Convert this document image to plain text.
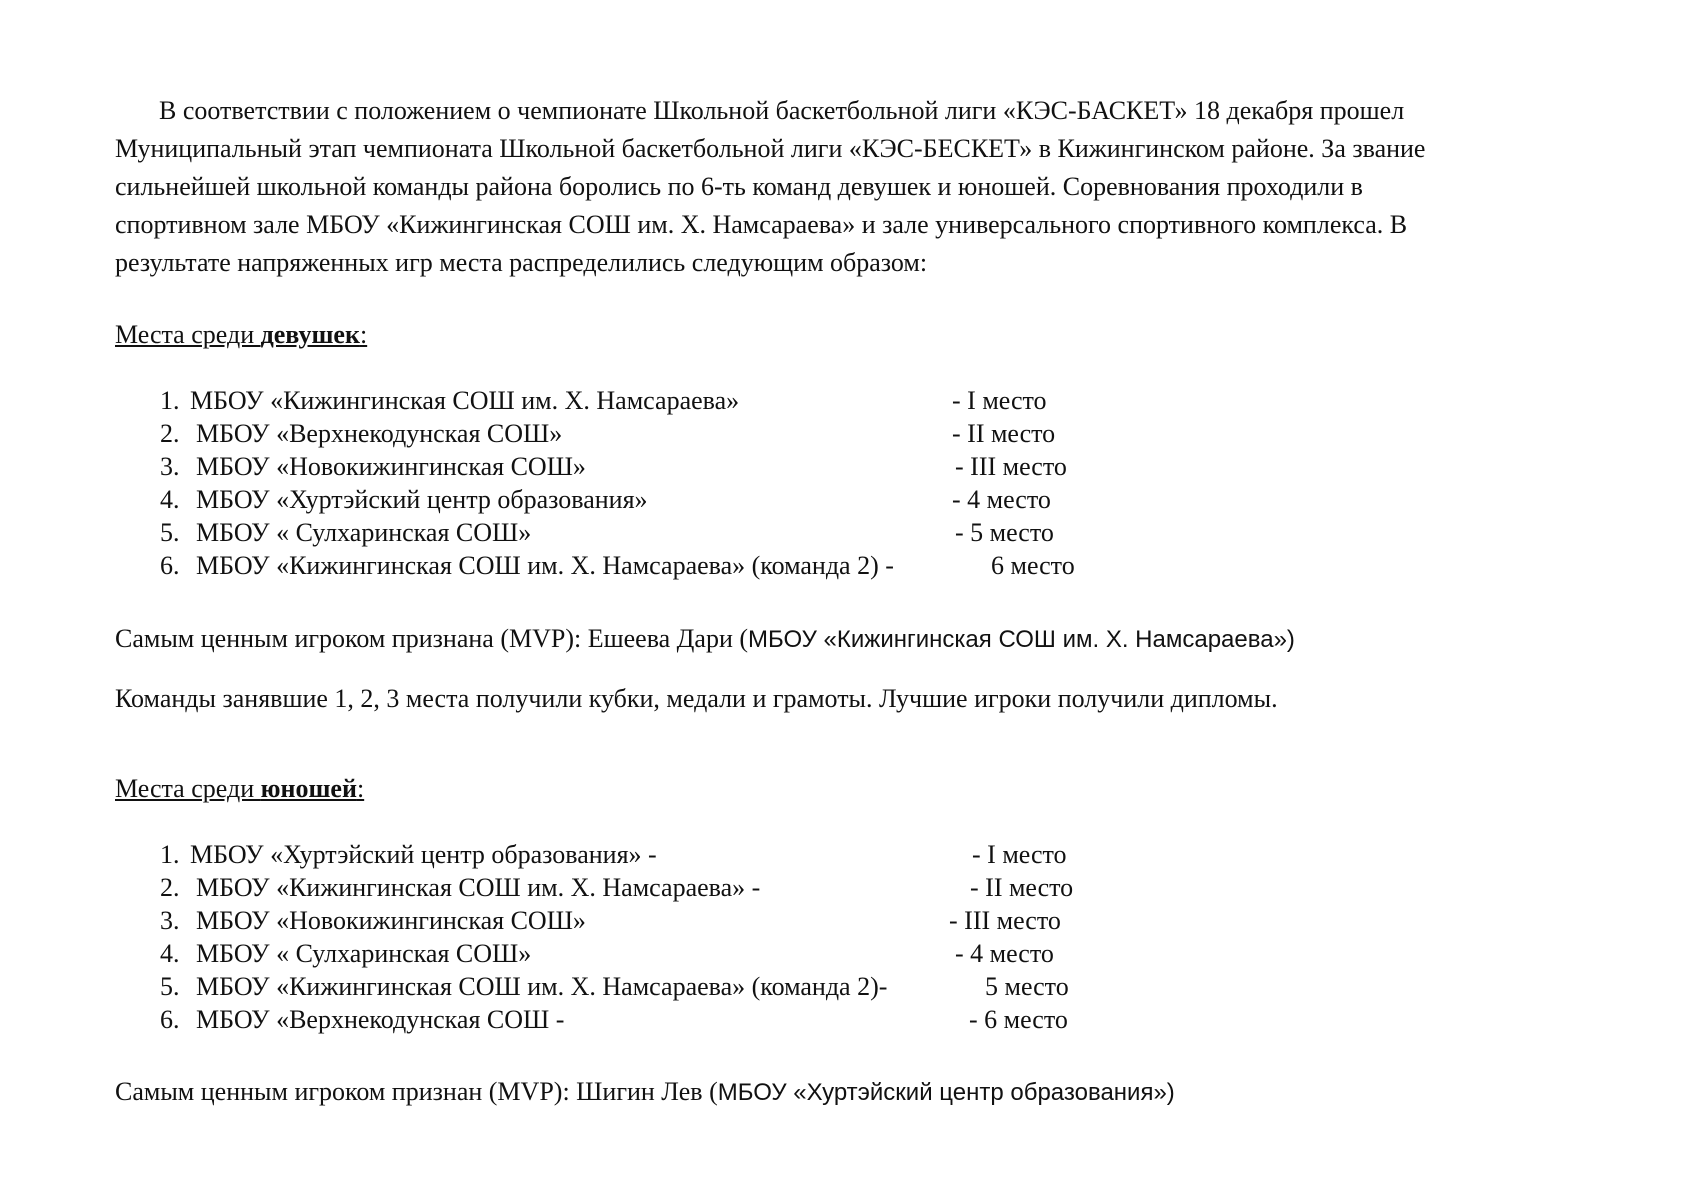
В соответствии с положением о чемпионате Школьной баскетбольной лиги «КЭС-БАСКЕТ» 18 декабря прошел
Муниципальный этап чемпионата Школьной баскетбольной лиги «КЭС-БЕСКЕТ» в Кижингинском районе. За звание
сильнейшей школьной команды района боролись по 6-ть команд девушек и юношей. Соревнования проходили в
спортивном зале МБОУ «Кижингинская СОШ им. Х. Намсараева» и зале универсального спортивного комплекса. В
результате напряженных игр места распределились следующим образом:
Места среди девушек:
1. МБОУ «Кижингинская СОШ им. Х. Намсараева»	- I место
2. МБОУ «Верхнекодунская СОШ»	- II место
3. МБОУ «Новокижингинская СОШ»	- III место
4. МБОУ «Хуртэйский центр образования»	- 4 место
5. МБОУ « Сулхаринская СОШ»	- 5 место
6. МБОУ «Кижингинская СОШ им. Х. Намсараева» (команда 2) -	6 место
Самым ценным игроком признана (MVP): Ешеева Дари (МБОУ «Кижингинская СОШ им. Х. Намсараева»)
Команды занявшие 1, 2, 3 места получили кубки, медали и грамоты. Лучшие игроки получили дипломы.
Места среди юношей:
1. МБОУ «Хуртэйский центр образования» -	- I место
2. МБОУ «Кижингинская СОШ им. Х. Намсараева» -	- II место
3. МБОУ «Новокижингинская СОШ»	- III место
4. МБОУ « Сулхаринская СОШ»	- 4 место
5. МБОУ «Кижингинская СОШ им. Х. Намсараева» (команда 2)-	5 место
6. МБОУ «Верхнекодунская СОШ -	- 6 место
Самым ценным игроком признан (MVP): Шигин Лев (МБОУ «Хуртэйский центр образования»)
